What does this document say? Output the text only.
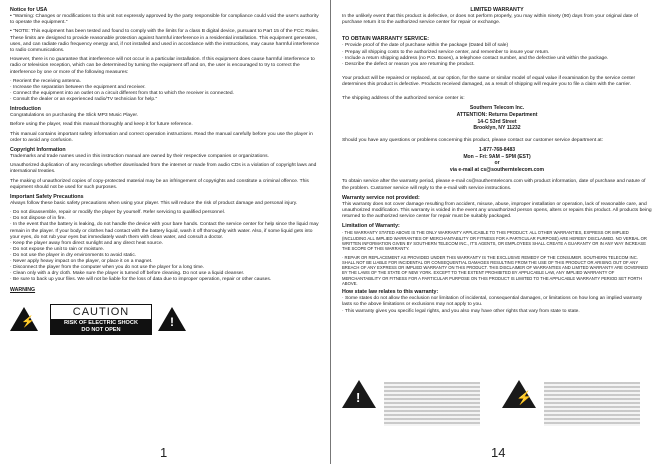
Notice for USA

• "Warning: Changes or modifications to this unit not expressly approved by the party responsible for compliance could void the user's authority to operate the equipment."

• "NOTE: This equipment has been tested and found to comply with the limits for a class B digital device, pursuant to Part 15 of the FCC Rules. These limits are designed to provide reasonable protection against harmful interference in a residential installation. This equipment generates, uses, and can radiate radio frequency energy and, if not installed and used in accordance with the instructions, may cause harmful interference to radio communications.

However, there is no guarantee that interference will not occur in a particular installation. If this equipment does cause harmful interference to radio or television reception, which can be determined by turning the equipment off and on, the user is encouraged to try to correct the interference by one or more of the following measures:

· Reorient the receiving antenna.
· Increase the separation between the equipment and receiver.
· Connect the equipment into an outlet on a circuit different from that to which the receiver is connected.
· Consult the dealer or an experienced radio/TV technician for help."
Introduction

Congratulations on purchasing the Slick MP3 Music Player.

Before using the player, read this manual thoroughly and keep it for future reference.

This manual contains important safety information and correct operation instructions. Read the manual carefully before you use the player in order to avoid any confusion.

Copyright Information

Trademarks and trade names used in this instruction manual are owned by their respective companies or organizations.

Unauthorized duplication of any recordings whether downloaded from the internet or made from audio CDs is a violation of copyright laws and international treaties.

The making of unauthorized copies of copy-protected material may be an infringement of copyrights and constitute a criminal offence. This equipment should not be used for such purposes.

Important Safety Precautions

Always follow these basic safety precautions when using your player. This will reduce the risk of product damage and personal injury.

· Do not disassemble, repair or modify the player by yourself. Refer servicing to qualified personnel.
· Do not dispose of in fire.
· In the event that the battery is leaking, do not handle the device with your bare hands. Contact the service center for help since the liquid may remain in the player. If your body or clothes had contact with the battery liquid, wash it off thoroughly with water. Also, if some liquid gets into your eyes, do not rub your eyes but immediately wash them with clean water, and consult a doctor.
· Keep the player away from direct sunlight and any direct heat source.
· Do not expose the unit to rain or moisture.
· Do not use the player in dry environments to avoid static.
· Never apply heavy impact on the player, or place it on a magnet.
· Disconnect the player from the computer when you do not use the player for a long time.
· Clean only with a dry cloth. Make sure the player is turned off before cleaning. Do not use a liquid cleanser.
· Be sure to back up your files. We will not be liable for the loss of data due to improper operation, repair or other causes.
WARNING
⚡
CAUTION
RISK OF ELECTRIC SHOCK
DO NOT OPEN
!
1
LIMITED WARRANTY

In the unlikely event that this product is defective, or does not perform properly, you may within ninety (90) days from your original date of purchase return it to the authorized service center for repair or exchange.

TO OBTAIN WARRANTY SERVICE:
· Provide proof of the date of purchase within the package (Dated bill of sale)
· Prepay all shipping costs to the authorized service center, and remember to insure your return.
· Include a return shipping address (no P.O. Boxes), a telephone contact number, and the defective unit within the package.
· Describe the defect or reason you are returning the product.

Your product will be repaired or replaced, at our option, for the same or similar model of equal value if examination by the service center determines this product is defective. Products received damaged, as a result of shipping will require you to file a claim with the carrier.

The shipping address of the authorized service center is:

Southern Telecom Inc.
ATTENTION: Returns Department
14-C 53rd Street
Brooklyn, NY 11232

Should you have any questions or problems concerning this product, please contact our customer service department at:

1-877-768-8483
Mon – Fri: 9AM – 5PM (EST)
or
via e-mail at cs@southerntelecom.com

To obtain service after the warranty period, please e-mail cs@southerntelecom.com with product information, date of purchase and nature of the problem. Customer service will reply to the e-mail with service instructions.

Warranty service not provided:

This warranty does not cover damage resulting from accident, misuse, abuse, improper installation or operation, lack of reasonable care, and unauthorized modification. This warranty is voided in the event any unauthorized person opens, alters or repairs this product. All products being returned to the authorized service center for repair must be suitably packaged.

Limitation of Warranty:

· THE WARRANTY STATED ABOVE IS THE ONLY WARRANTY APPLICABLE TO THIS PRODUCT. ALL OTHER WARRANTIES, EXPRESS OR IMPLIED (INCLUDING ALL IMPLIED WARRANTIES OF MERCHANTABILITY OR FITNESS FOR A PARTICULAR PURPOSE) ARE HEREBY DISCLAIMED. NO VERBAL OR WRITTEN INFORMATION GIVEN BY SOUTHERN TELECOM INC., IT'S AGENTS, OR EMPLOYEES SHALL CREATE A GUARANTY OR IN ANY WAY INCREASE THE SCOPE OF THIS WARRANTY.

· REPAIR OR REPLACEMENT AS PROVIDED UNDER THIS WARRANTY IS THE EXCLUSIVE REMEDY OF THE CONSUMER. SOUTHERN TELECOM INC. SHALL NOT BE LIABLE FOR INCIDENTAL OR CONSEQUENTIAL DAMAGES RESULTING FROM THE USE OF THIS PRODUCT OR ARISING OUT OF ANY BREACH OF ANY EXPRESS OR IMPLIED WARRANTY ON THIS PRODUCT. THIS DISCLAIMER OF WARRANTIES AND LIMITED WARRANTY ARE GOVERNED BY THE LAWS OF THE STATE OF NEW YORK. EXCEPT TO THE EXTENT PROHIBITED BY APPLICABLE LAW, ANY IMPLIED WARRANTY OF MERCHANTABILITY OR FITNESS FOR A PARTICULAR PURPOSE ON THIS PRODUCT IS LIMITED TO THE APPLICABLE WARRANTY PERIOD SET FORTH ABOVE.

How state law relates to this warranty:
· Some states do not allow the exclusion nor limitation of incidental, consequential damages, or limitations on how long an implied warranty lasts so the above limitations or exclusions may not apply to you.
· This warranty gives you specific legal rights, and you also may have other rights that vary from state to state.
14
!	⚡
